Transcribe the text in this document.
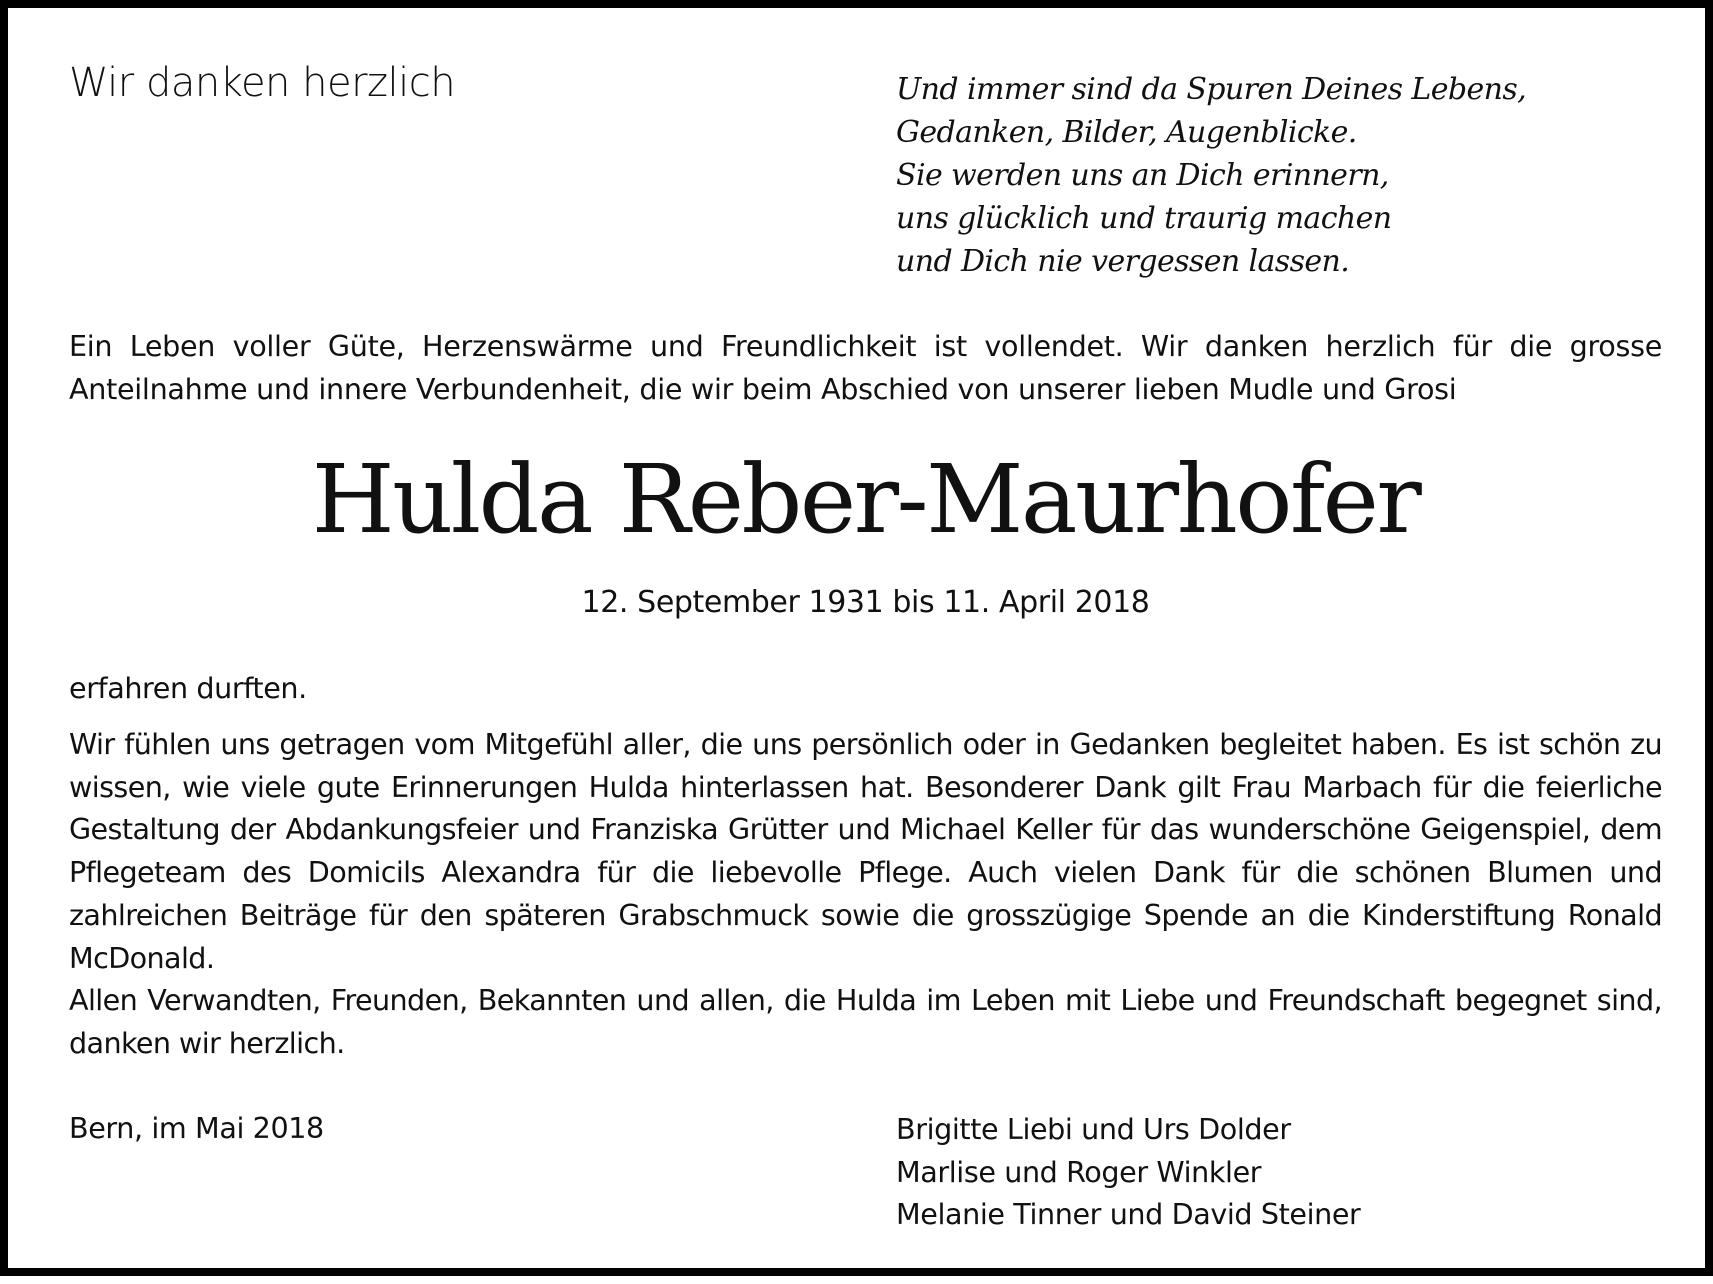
Wir danken herzlich	Und immer sind da Spuren Deines Lebens,
Gedanken, Bilder, Augenblicke.
Sie werden uns an Dich erinnern,
uns glücklich und traurig machen
und Dich nie vergessen lassen.

Ein Leben voller Güte, Herzenswärme und Freundlichkeit ist vollendet. Wir danken herzlich für die grosse Anteilnahme und innere Verbundenheit, die wir beim Abschied von unserer lieben Mudle und Grosi

Hulda Reber-Maurhofer

12. September 1931 bis 11. April 2018

erfahren durften.

Wir fühlen uns getragen vom Mitgefühl aller, die uns persönlich oder in Gedanken begleitet haben. Es ist schön zu wissen, wie viele gute Erinnerungen Hulda hinterlassen hat. Besonderer Dank gilt Frau Marbach für die feierliche Gestaltung der Abdankungsfeier und Franziska Grütter und Michael Keller für das wunderschöne Geigenspiel, dem Pflegeteam des Domicils Alexandra für die liebevolle Pflege. Auch vielen Dank für die schönen Blumen und zahlreichen Beiträge für den späteren Grabschmuck sowie die grosszügige Spende an die Kinderstiftung Ronald McDonald.

Allen Verwandten, Freunden, Bekannten und allen, die Hulda im Leben mit Liebe und Freundschaft begegnet sind, danken wir herzlich.

Bern, im Mai 2018	Brigitte Liebi und Urs Dolder
Marlise und Roger Winkler
Melanie Tinner und David Steiner
